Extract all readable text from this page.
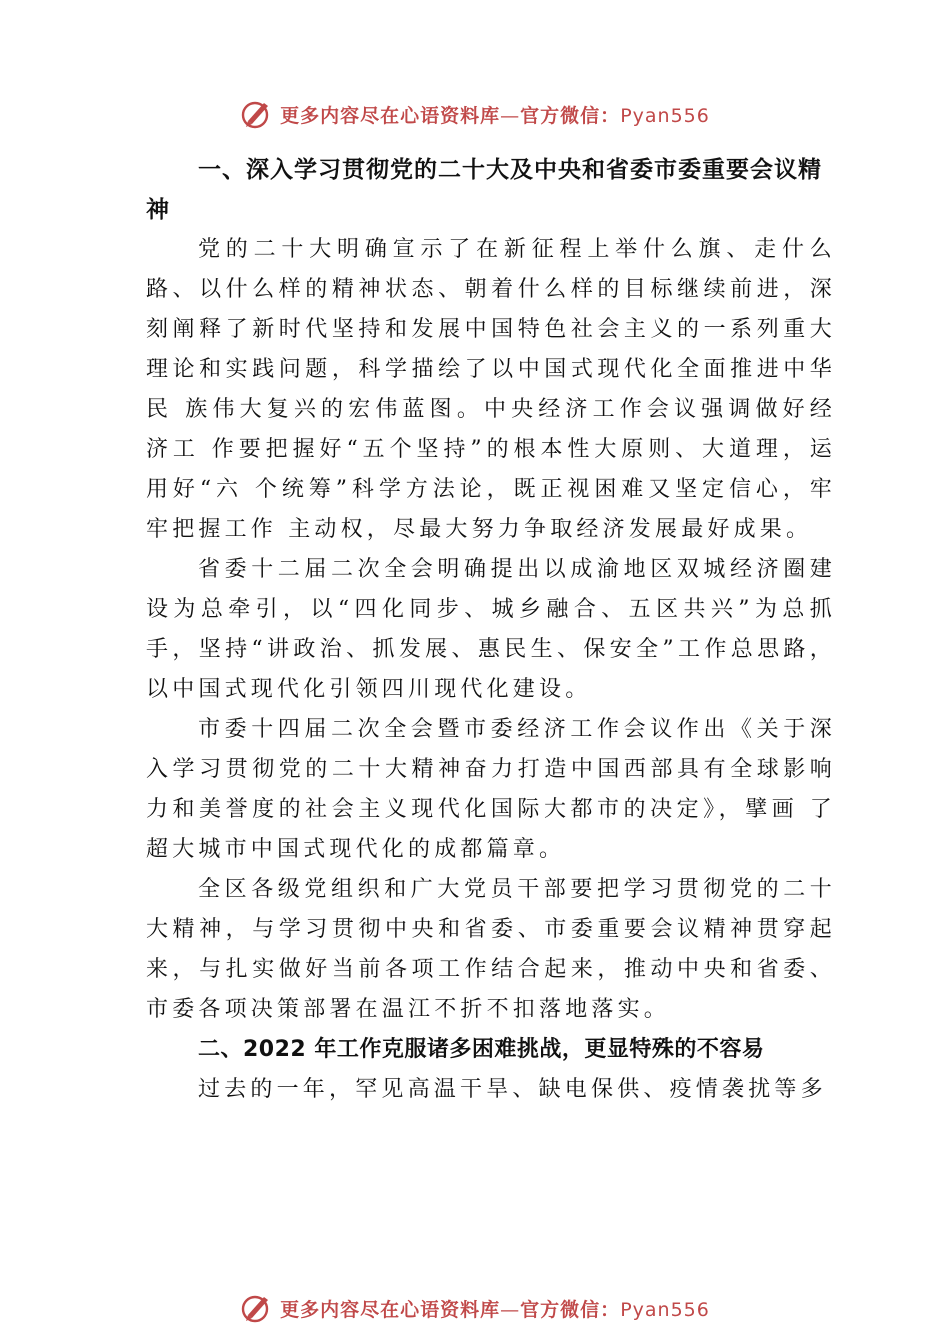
更多内容尽在心语资料库—官方微信：Pyan556

一、深入学习贯彻党的二十大及中央和省委市委重要会议精神

党的二十大明确宣示了在新征程上举什么旗、走什么路、以什么样的精神状态、朝着什么样的目标继续前进，深刻阐释了新时代坚持和发展中国特色社会主义的一系列重大理论和实践问题，科学描绘了以中国式现代化全面推进中华民 族伟大复兴的宏伟蓝图。中央经济工作会议强调做好经济工 作要把握好“五个坚持”的根本性大原则、大道理，运用好“六 个统筹”科学方法论，既正视困难又坚定信心，牢牢把握工作 主动权，尽最大努力争取经济发展最好成果。

省委十二届二次全会明确提出以成渝地区双城经济圈建设为总牵引，以“四化同步、城乡融合、五区共兴”为总抓手，坚持“讲政治、抓发展、惠民生、保安全”工作总思路， 以中国式现代化引领四川现代化建设。

市委十四届二次全会暨市委经济工作会议作出《关于深入学习贯彻党的二十大精神奋力打造中国西部具有全球影响力和美誉度的社会主义现代化国际大都市的决定》，擘画 了超大城市中国式现代化的成都篇章。

全区各级党组织和广大党员干部要把学习贯彻党的二十大精神，与学习贯彻中央和省委、市委重要会议精神贯穿起来，与扎实做好当前各项工作结合起来，推动中央和省委、市委各项决策部署在温江不折不扣落地落实。

二、2022 年工作克服诸多困难挑战，更显特殊的不容易

过去的一年，罕见高温干旱、缺电保供、疫情袭扰等多

更多内容尽在心语资料库—官方微信：Pyan556
